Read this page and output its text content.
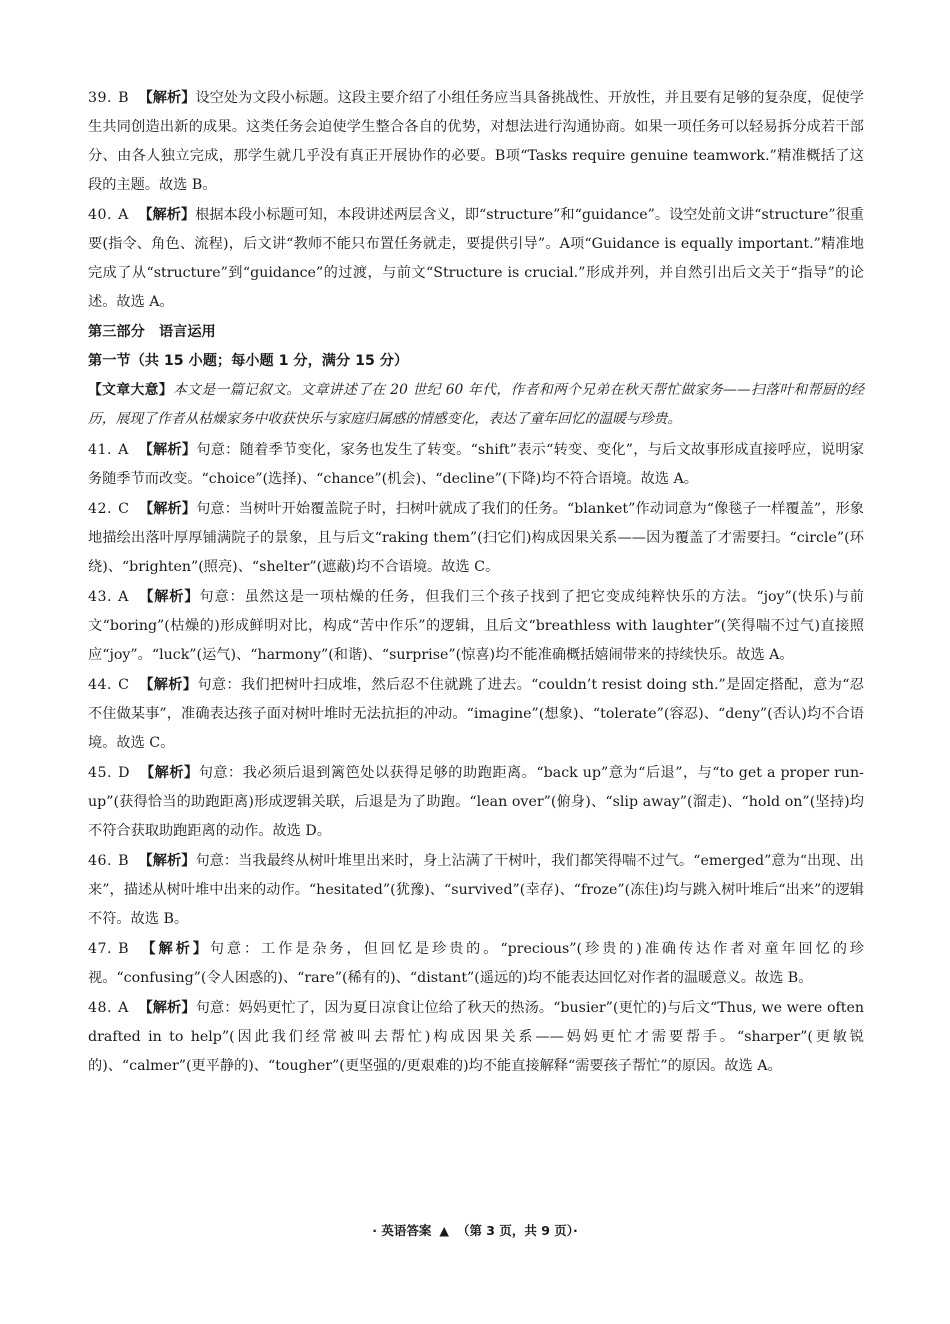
39. B 【解析】设空处为文段小标题。这段主要介绍了小组任务应当具备挑战性、开放性，并且要有足够的复杂度，促使学生共同创造出新的成果。这类任务会迫使学生整合各自的优势，对想法进行沟通协商。如果一项任务可以轻易拆分成若干部分、由各人独立完成，那学生就几乎没有真正开展协作的必要。B项“Tasks require genuine teamwork.”精准概括了这段的主题。故选 B。

40. A 【解析】根据本段小标题可知，本段讲述两层含义，即“structure”和“guidance”。设空处前文讲“structure”很重要(指令、角色、流程)，后文讲“教师不能只布置任务就走，要提供引导”。A项“Guidance is equally important.”精准地完成了从“structure”到“guidance”的过渡，与前文“Structure is crucial.”形成并列，并自然引出后文关于“指导”的论述。故选 A。

第三部分　语言运用

第一节（共 15 小题；每小题 1 分，满分 15 分）

【文章大意】本文是一篇记叙文。文章讲述了在 20 世纪 60 年代，作者和两个兄弟在秋天帮忙做家务——扫落叶和帮厨的经历，展现了作者从枯燥家务中收获快乐与家庭归属感的情感变化，表达了童年回忆的温暖与珍贵。

41. A 【解析】句意：随着季节变化，家务也发生了转变。“shift”表示“转变、变化”，与后文故事形成直接呼应，说明家务随季节而改变。“choice”(选择)、“chance”(机会)、“decline”(下降)均不符合语境。故选 A。

42. C 【解析】句意：当树叶开始覆盖院子时，扫树叶就成了我们的任务。“blanket”作动词意为“像毯子一样覆盖”，形象地描绘出落叶厚厚铺满院子的景象，且与后文“raking them”(扫它们)构成因果关系——因为覆盖了才需要扫。“circle”(环绕)、“brighten”(照亮)、“shelter”(遮蔽)均不合语境。故选 C。

43. A 【解析】句意：虽然这是一项枯燥的任务，但我们三个孩子找到了把它变成纯粹快乐的方法。“joy”(快乐)与前文“boring”(枯燥的)形成鲜明对比，构成“苦中作乐”的逻辑，且后文“breathless with laughter”(笑得喘不过气)直接照应“joy”。“luck”(运气)、“harmony”(和谐)、“surprise”(惊喜)均不能准确概括嬉闹带来的持续快乐。故选 A。

44. C 【解析】句意：我们把树叶扫成堆，然后忍不住就跳了进去。“couldn’t resist doing sth.”是固定搭配，意为“忍不住做某事”，准确表达孩子面对树叶堆时无法抗拒的冲动。“imagine”(想象)、“tolerate”(容忍)、“deny”(否认)均不合语境。故选 C。

45. D 【解析】句意：我必须后退到篱笆处以获得足够的助跑距离。“back up”意为“后退”，与“to get a proper run-up”(获得恰当的助跑距离)形成逻辑关联，后退是为了助跑。“lean over”(俯身)、“slip away”(溜走)、“hold on”(坚持)均不符合获取助跑距离的动作。故选 D。

46. B 【解析】句意：当我最终从树叶堆里出来时，身上沾满了干树叶，我们都笑得喘不过气。“emerged”意为“出现、出来”，描述从树叶堆中出来的动作。“hesitated”(犹豫)、“survived”(幸存)、“froze”(冻住)均与跳入树叶堆后“出来”的逻辑不符。故选 B。

47. B 【解析】句意：工作是杂务，但回忆是珍贵的。“precious”(珍贵的)准确传达作者对童年回忆的珍视。“confusing”(令人困惑的)、“rare”(稀有的)、“distant”(遥远的)均不能表达回忆对作者的温暖意义。故选 B。

48. A 【解析】句意：妈妈更忙了，因为夏日凉食让位给了秋天的热汤。“busier”(更忙的)与后文“Thus, we were often drafted in to help”(因此我们经常被叫去帮忙)构成因果关系——妈妈更忙才需要帮手。“sharper”(更敏锐的)、“calmer”(更平静的)、“tougher”(更坚强的/更艰难的)均不能直接解释“需要孩子帮忙”的原因。故选 A。

· 英语答案 ▲ （第 3 页，共 9 页）·
